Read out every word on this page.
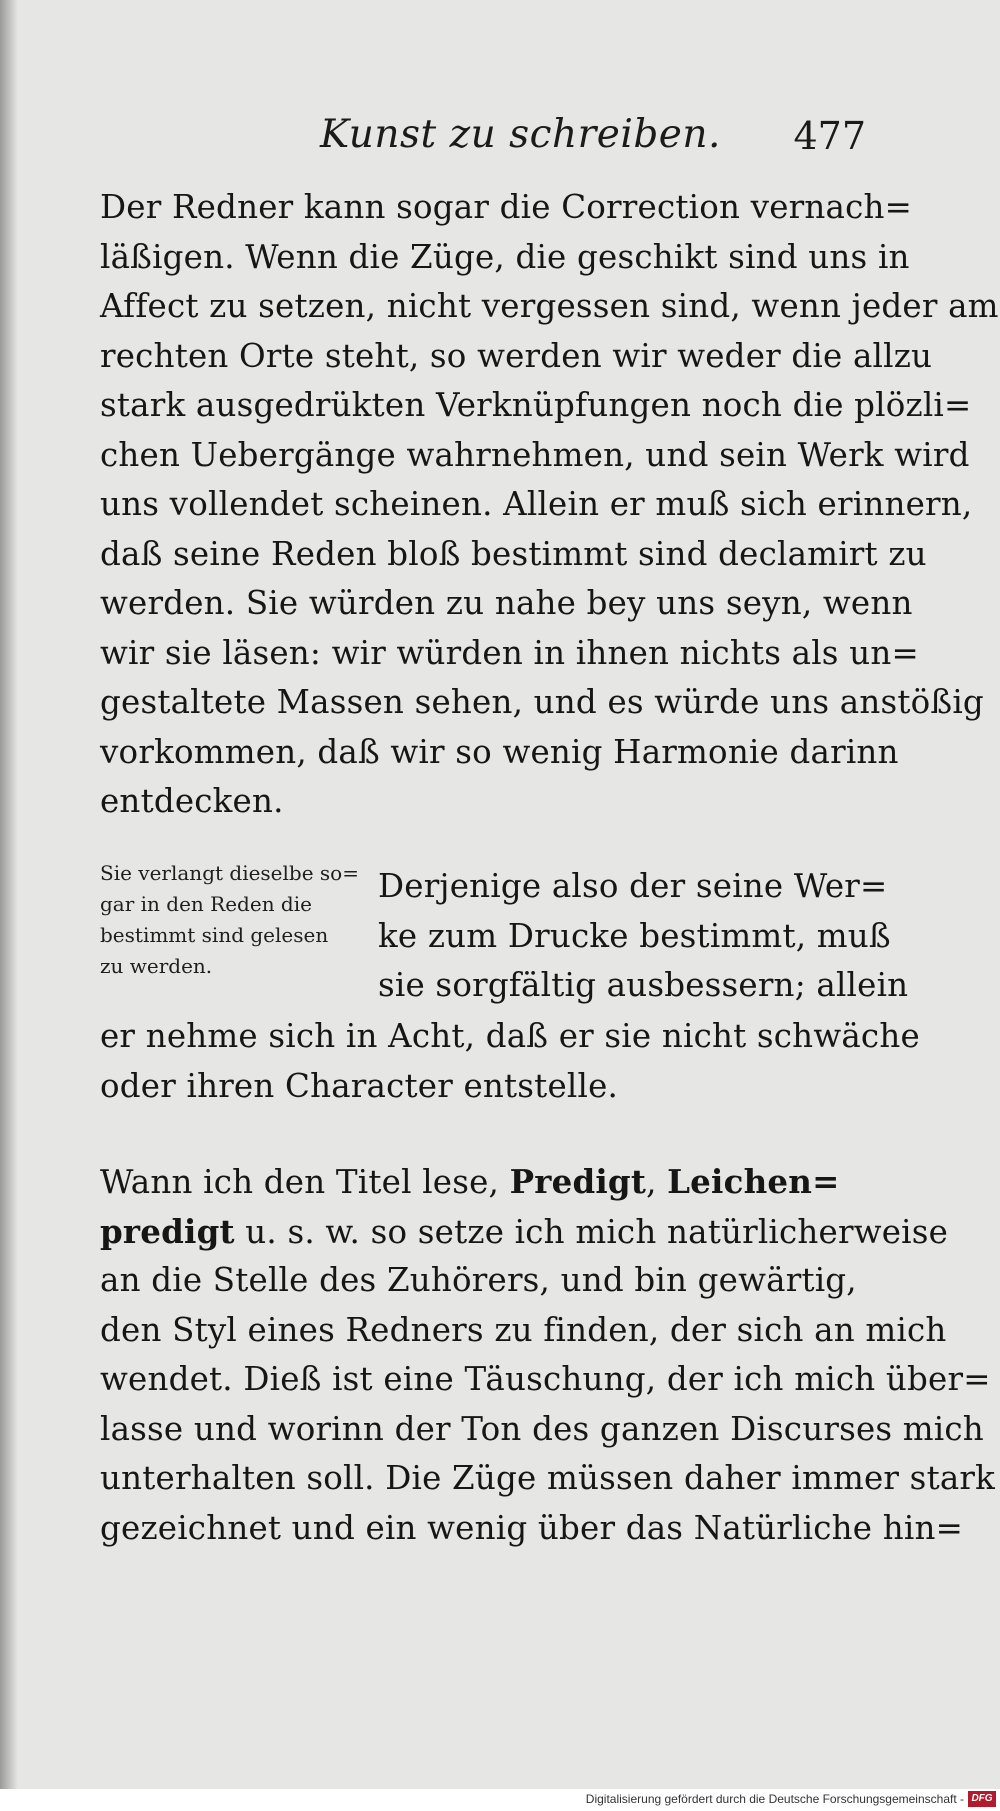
Kunst zu schreiben. 477
Der Redner kann sogar die Correction vernach=
läßigen. Wenn die Züge, die geschikt sind uns in
Affect zu setzen, nicht vergessen sind, wenn jeder am
rechten Orte steht, so werden wir weder die allzu
stark ausgedrükten Verknüpfungen noch die plözli=
chen Uebergänge wahrnehmen, und sein Werk wird
uns vollendet scheinen. Allein er muß sich erinnern,
daß seine Reden bloß bestimmt sind declamirt zu
werden. Sie würden zu nahe bey uns seyn, wenn
wir sie läsen: wir würden in ihnen nichts als un=
gestaltete Massen sehen, und es würde uns anstößig
vorkommen, daß wir so wenig Harmonie darinn
entdecken.
Sie verlangt dieselbe so=
gar in den Reden die
bestimmt sind gelesen
zu werden.
Derjenige also der seine Wer=
ke zum Drucke bestimmt, muß
sie sorgfältig ausbessern; allein
er nehme sich in Acht, daß er sie nicht schwäche
oder ihren Character entstelle.
Wann ich den Titel lese, Predigt, Leichen=
predigt u. s. w. so setze ich mich natürlicherweise
an die Stelle des Zuhörers, und bin gewärtig,
den Styl eines Redners zu finden, der sich an mich
wendet. Dieß ist eine Täuschung, der ich mich über=
lasse und worinn der Ton des ganzen Discurses mich
unterhalten soll. Die Züge müssen daher immer stark
gezeichnet und ein wenig über das Natürliche hin=
Digitalisierung gefördert durch die Deutsche Forschungsgemeinschaft - DFG
